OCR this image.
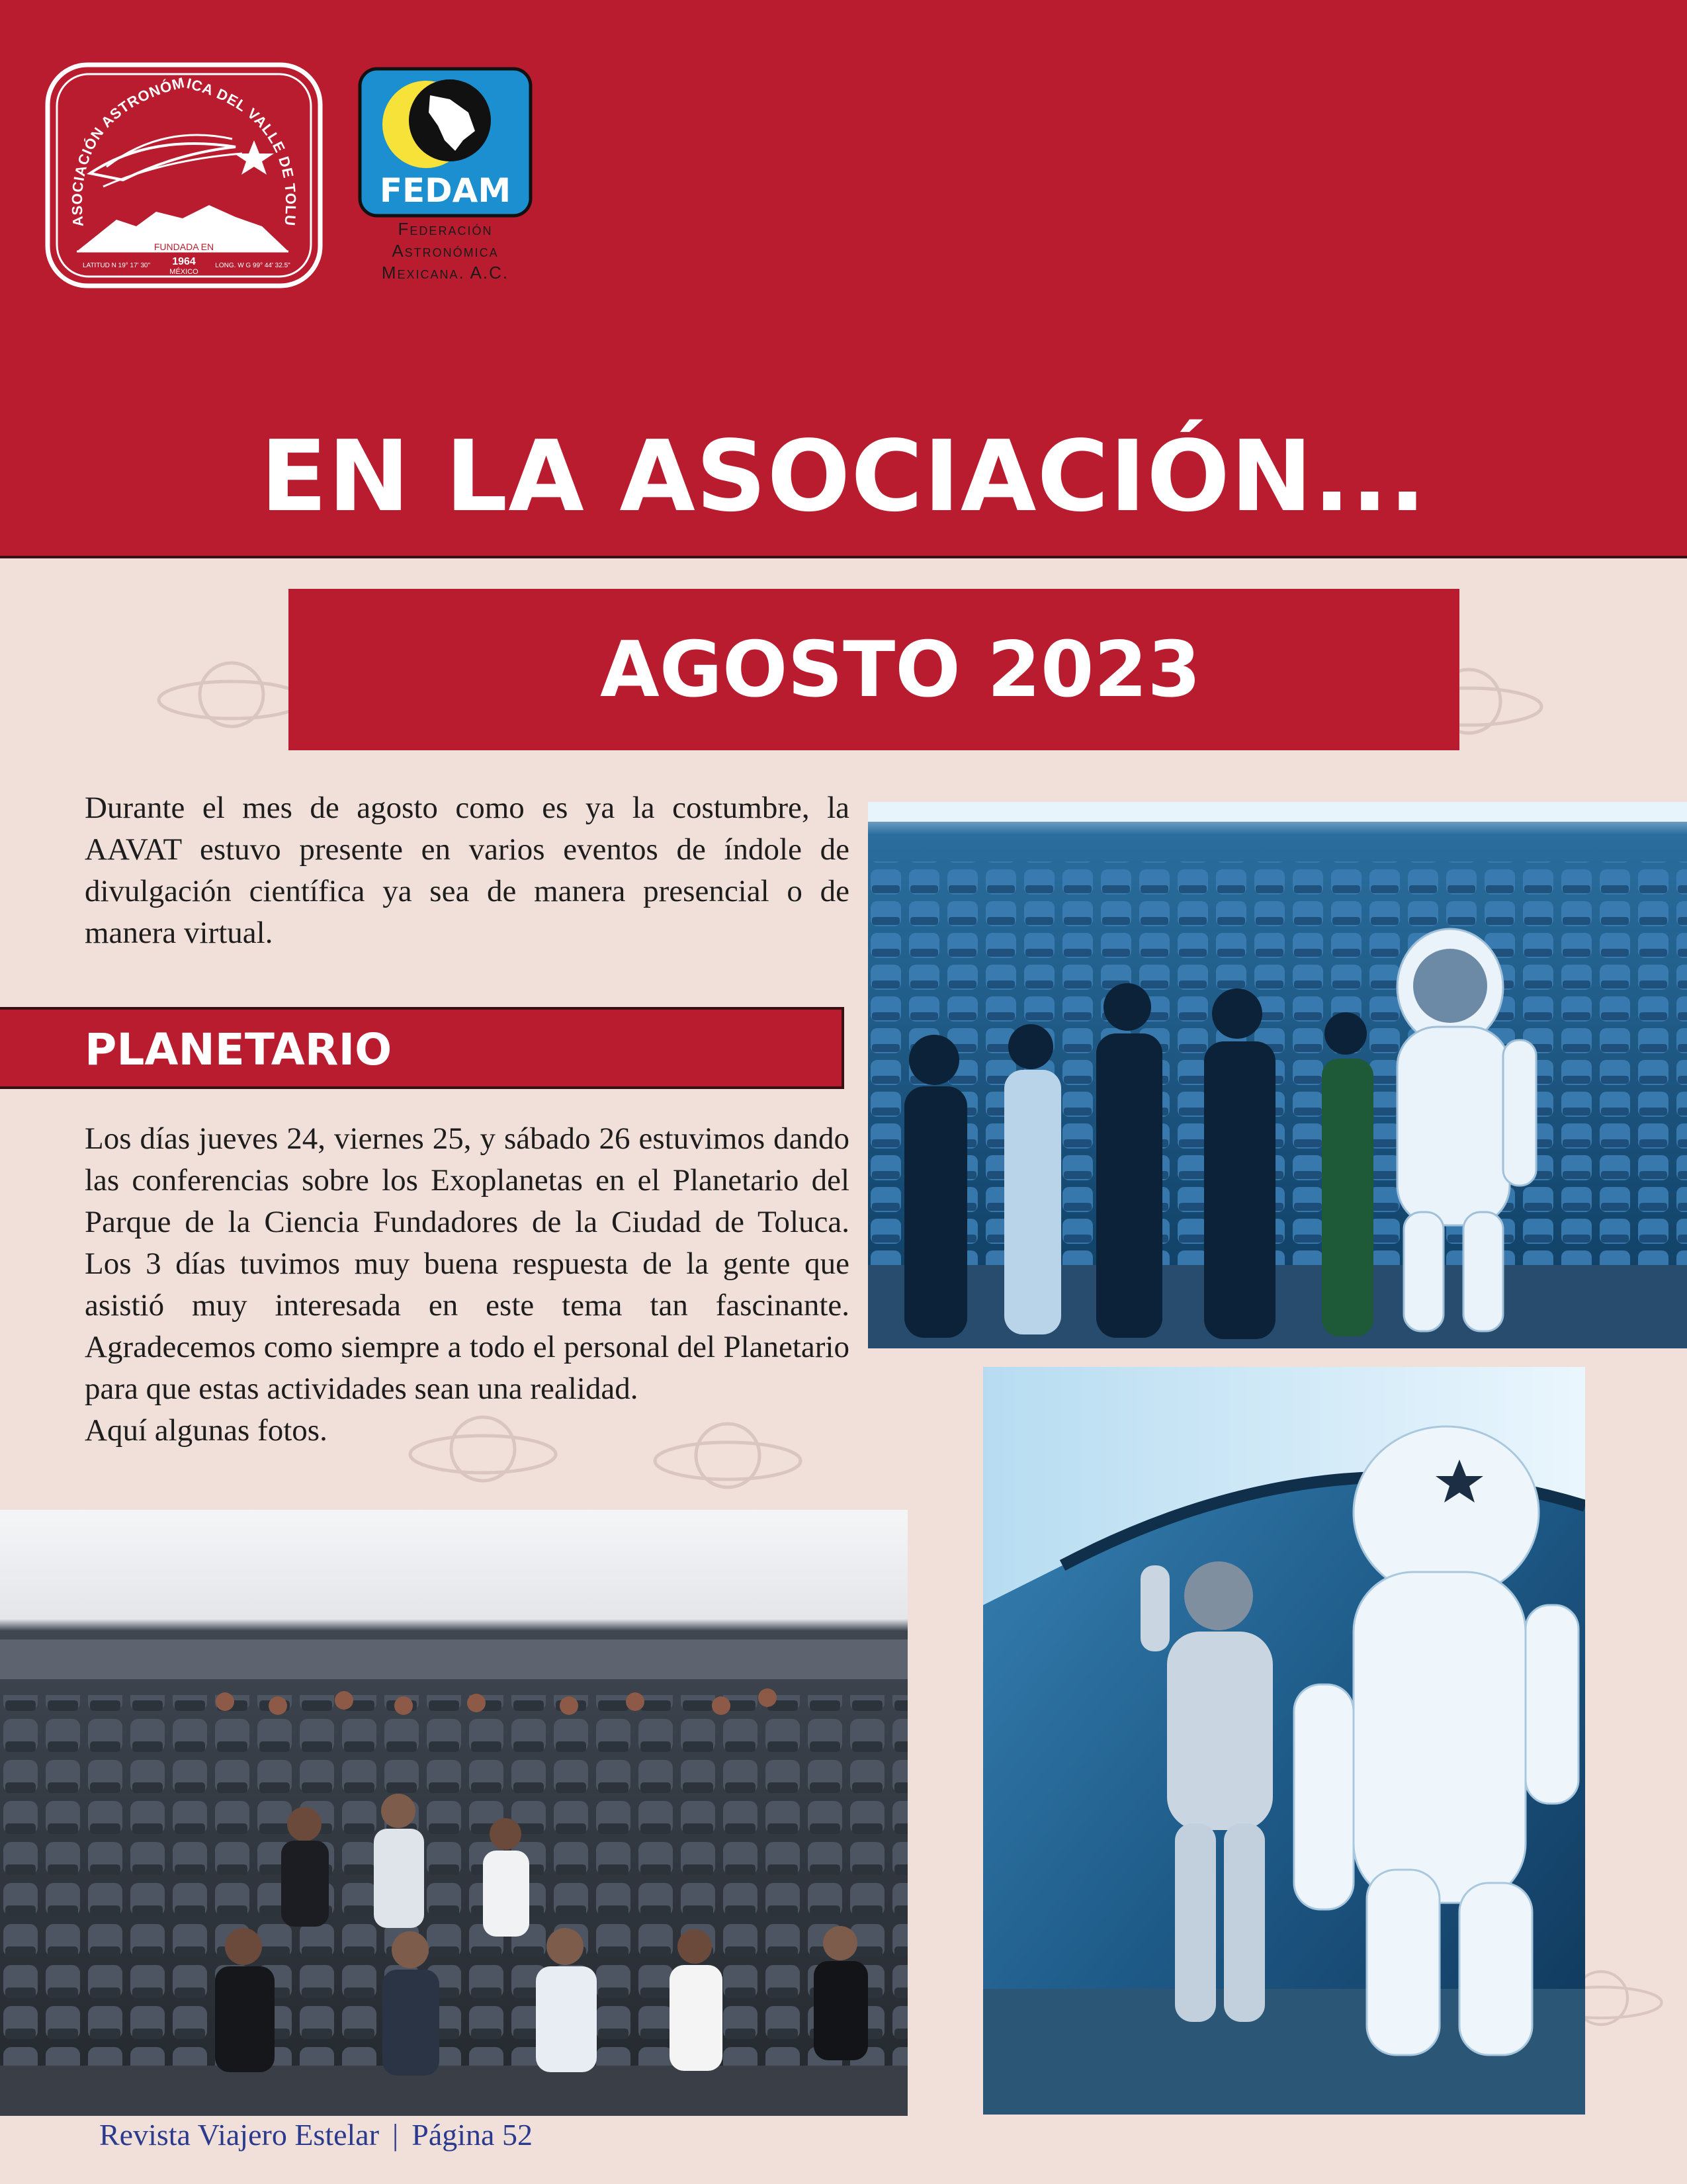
ASOCIACIÓN ASTRONÓMICA DEL VALLE DE TOLU
FUNDADA EN
1964
MÉXICO
LATITUD N 19° 17' 30"	LONG. W G 99° 44' 32.5"
FEDAM
Federación
Astronómica
Mexicana. A.C.
EN LA ASOCIACIÓN...
AGOSTO 2023
Durante el mes de agosto como es ya la costumbre, la AAVAT estuvo presente en varios eventos de índole de divulgación científica ya sea de manera presencial o de manera virtual.
PLANETARIO

Los días jueves 24, viernes 25, y sábado 26 estuvimos dando las conferencias sobre los Exoplanetas en el Planetario del Parque de la Ciencia Fundadores de la Ciudad de Toluca. Los 3 días tuvimos muy buena respuesta de la gente que asistió muy interesada en este tema tan fascinante. Agradecemos como siempre a todo el personal del Planetario para que estas actividades sean una realidad.

Aquí algunas fotos.

Revista Viajero Estelar | Página 52
